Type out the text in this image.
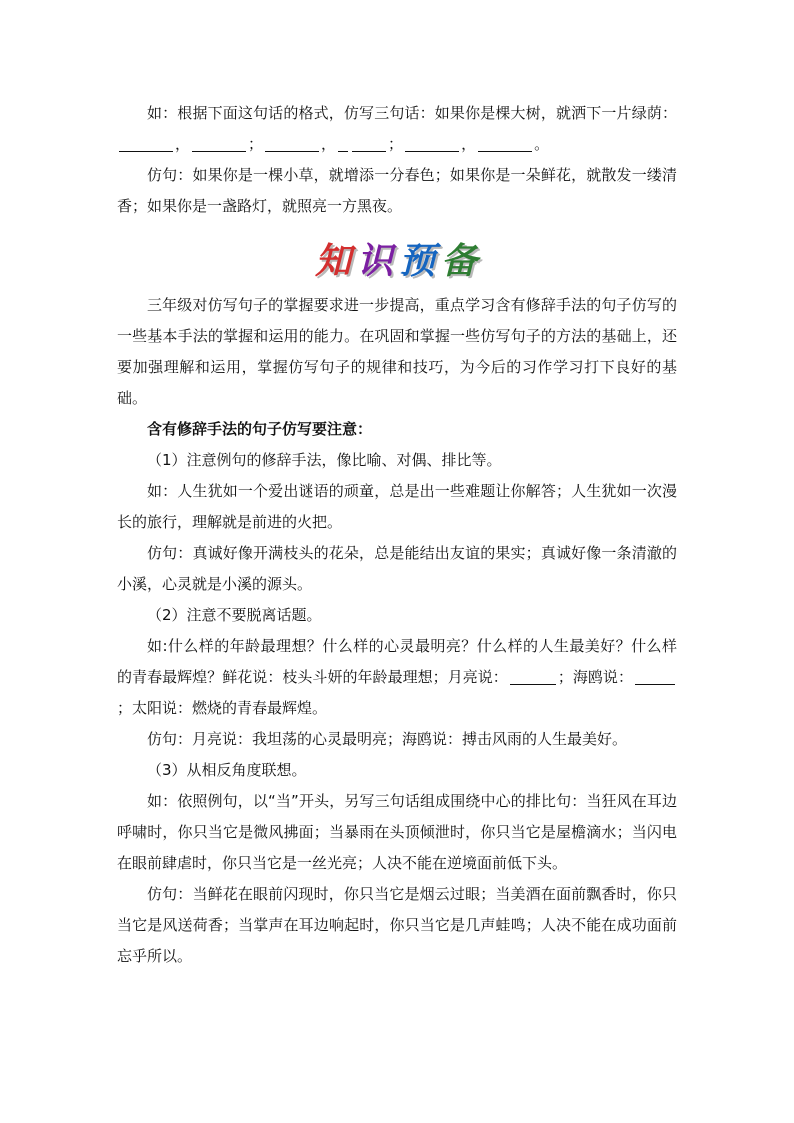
如：根据下面这句话的格式，仿写三句话：如果你是棵大树，就洒下一片绿荫：，	；	，	；	，	。

仿句：如果你是一棵小草，就增添一分春色；如果你是一朵鲜花，就散发一缕清香；如果你是一盏路灯，就照亮一方黑夜。

知 识 预 备

三年级对仿写句子的掌握要求进一步提高，重点学习含有修辞手法的句子仿写的一些基本手法的掌握和运用的能力。在巩固和掌握一些仿写句子的方法的基础上，还要加强理解和运用，掌握仿写句子的规律和技巧，为今后的习作学习打下良好的基础。

含有修辞手法的句子仿写要注意：

（1）注意例句的修辞手法，像比喻、对偶、排比等。

如：人生犹如一个爱出谜语的顽童，总是出一些难题让你解答；人生犹如一次漫长的旅行，理解就是前进的火把。

仿句：真诚好像开满枝头的花朵，总是能结出友谊的果实；真诚好像一条清澈的小溪，心灵就是小溪的源头。

（2）注意不要脱离话题。

如:什么样的年龄最理想？什么样的心灵最明亮？什么样的人生最美好？什么样的青春最辉煌？鲜花说：枝头斗妍的年龄最理想；月亮说：	；海鸥说：；太阳说：燃烧的青春最辉煌。

仿句：月亮说：我坦荡的心灵最明亮；海鸥说：搏击风雨的人生最美好。

（3）从相反角度联想。

如：依照例句，以“当”开头，另写三句话组成围绕中心的排比句：当狂风在耳边呼啸时，你只当它是微风拂面；当暴雨在头顶倾泄时，你只当它是屋檐滴水；当闪电在眼前肆虐时，你只当它是一丝光亮；人决不能在逆境面前低下头。

仿句：当鲜花在眼前闪现时，你只当它是烟云过眼；当美酒在面前飘香时，你只当它是风送荷香；当掌声在耳边响起时，你只当它是几声蛙鸣；人决不能在成功面前忘乎所以。
